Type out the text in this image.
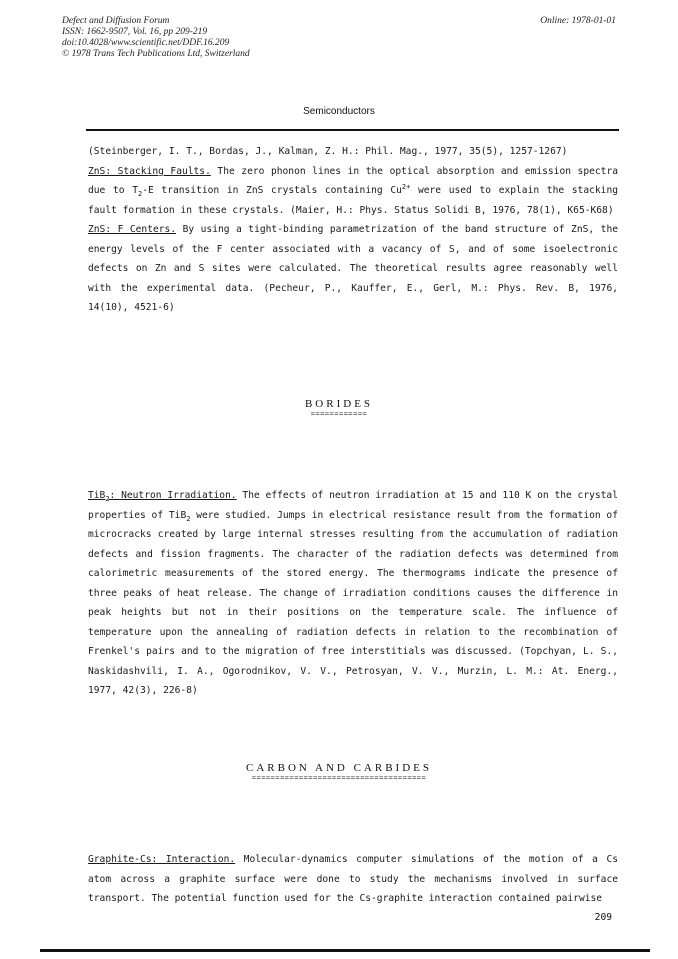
Defect and Diffusion Forum
ISSN: 1662-9507, Vol. 16, pp 209-219
doi:10.4028/www.scientific.net/DDF.16.209
© 1978 Trans Tech Publications Ltd, Switzerland
Online: 1978-01-01
Semiconductors

(Steinberger, I. T., Bordas, J., Kalman, Z. H.: Phil. Mag., 1977, 35(5), 1257-1267)

ZnS: Stacking Faults. The zero phonon lines in the optical absorption and emission spectra due to $T_2-E$ transition in ZnS crystals containing $Cu^{2+}$ were used to explain the stacking fault formation in these crystals. (Maier, H.: Phys. Status Solidi B, 1976, 78(1), K65-K68)

ZnS: F Centers. By using a tight-binding parametrization of the band structure of ZnS, the energy levels of the F center associated with a vacancy of S, and of some isoelectronic defects on Zn and S sites were calculated. The theoretical results agree reasonably well with the experimental data. (Pecheur, P., Kauffer, E., Gerl, M.: Phys. Rev. B, 1976, 14(10), 4521-6)

BORIDES
============

TiB$_2$: Neutron Irradiation. The effects of neutron irradiation at 15 and 110 K on the crystal properties of TiB$_2$ were studied. Jumps in electrical resistance result from the formation of microcracks created by large internal stresses resulting from the accumulation of radiation defects and fission fragments. The character of the radiation defects was determined from calorimetric measurements of the stored energy. The thermograms indicate the presence of three peaks of heat release. The change of irradiation conditions causes the difference in peak heights but not in their positions on the temperature scale. The influence of temperature upon the annealing of radiation defects in relation to the recombination of Frenkel's pairs and to the migration of free interstitials was discussed. (Topchyan, L. S., Naskidashvili, I. A., Ogorodnikov, V. V., Petrosyan, V. V., Murzin, L. M.: At. Energ., 1977, 42(3), 226-8)

CARBON AND CARBIDES
=====================================

Graphite-Cs: Interaction. Molecular-dynamics computer simulations of the motion of a Cs atom across a graphite surface were done to study the mechanisms involved in surface transport. The potential function used for the Cs-graphite interaction contained pairwise

209
